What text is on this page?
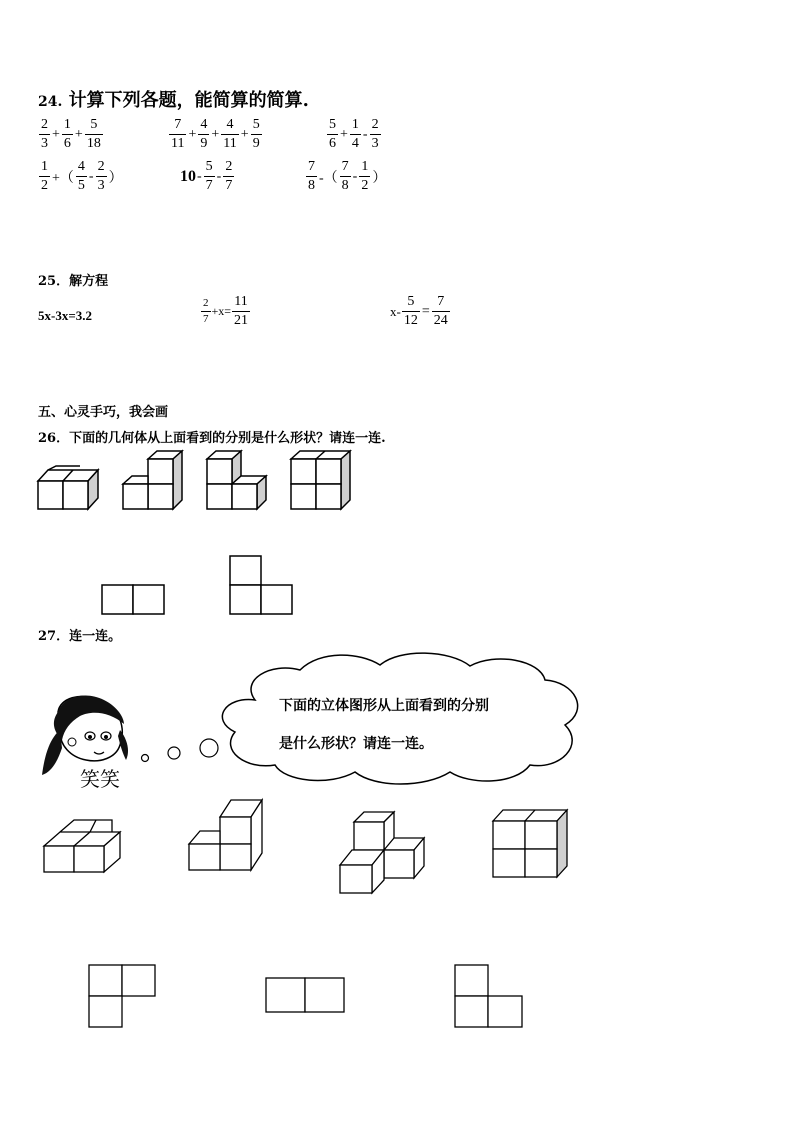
24. 计算下列各题，能简算的简算.
$\frac{2}{3} + \frac{1}{6} + \frac{5}{18}$	$\frac{7}{11} + \frac{4}{9} + \frac{4}{11} + \frac{5}{9}$	$\frac{5}{6} + \frac{1}{4} - \frac{2}{3}$
$\frac{1}{2}$ +（ $\frac{4}{5} - \frac{2}{3}$ ）	$10 - \frac{5}{7} - \frac{2}{7}$	$\frac{7}{8}$ -（ $\frac{7}{8} - \frac{1}{2}$ ）
25．解方程
5x-3x=3.2	$\frac{2}{7} +x= \frac{11}{21}$	$x- \frac{5}{12} = \frac{7}{24}$
五、心灵手巧，我会画
26．下面的几何体从上面看到的分别是什么形状？请连一连.
27．连一连。
笑笑
下面的立体图形从上面看到的分别
是什么形状？请连一连。
